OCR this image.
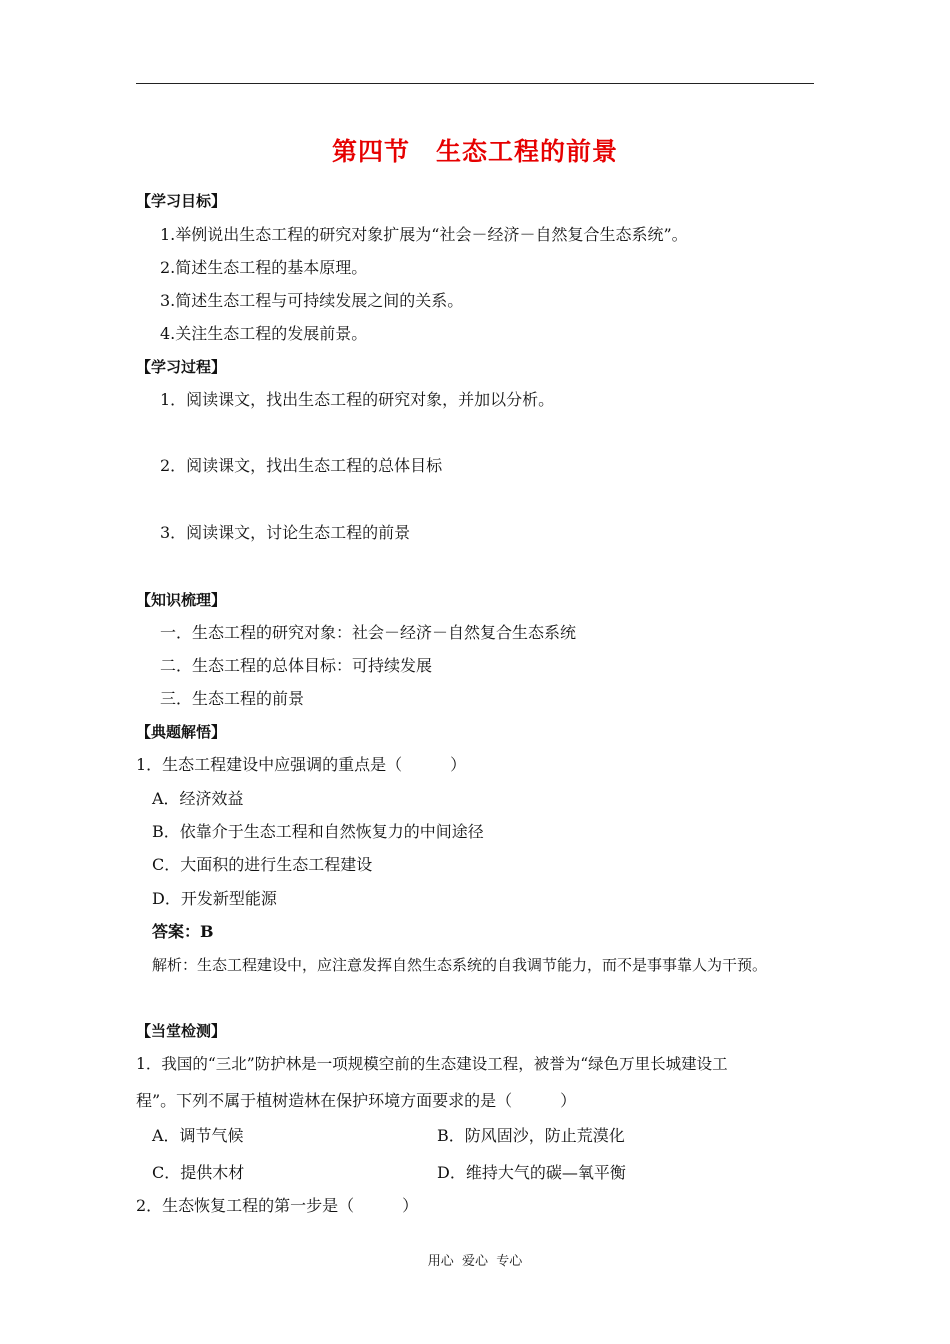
第四节　生态工程的前景
【学习目标】
1.举例说出生态工程的研究对象扩展为“社会－经济－自然复合生态系统”。
2.简述生态工程的基本原理。
3.简述生态工程与可持续发展之间的关系。
4.关注生态工程的发展前景。
【学习过程】
1．阅读课文，找出生态工程的研究对象，并加以分析。
2．阅读课文，找出生态工程的总体目标
3．阅读课文，讨论生态工程的前景
【知识梳理】
一．生态工程的研究对象：社会－经济－自然复合生态系统
二．生态工程的总体目标：可持续发展
三．生态工程的前景
【典题解悟】
1．生态工程建设中应强调的重点是（　　　）
A．经济效益
B．依靠介于生态工程和自然恢复力的中间途径
C．大面积的进行生态工程建设
D．开发新型能源
答案：B
解析：生态工程建设中，应注意发挥自然生态系统的自我调节能力，而不是事事靠人为干预。
【当堂检测】
1．我国的“三北”防护林是一项规模空前的生态建设工程，被誉为“绿色万里长城建设工
程”。下列不属于植树造林在保护环境方面要求的是（　　　）
A．调节气候	B．防风固沙，防止荒漠化
C．提供木材	D．维持大气的碳—氧平衡
2．生态恢复工程的第一步是（　　　）
用心  爱心  专心
